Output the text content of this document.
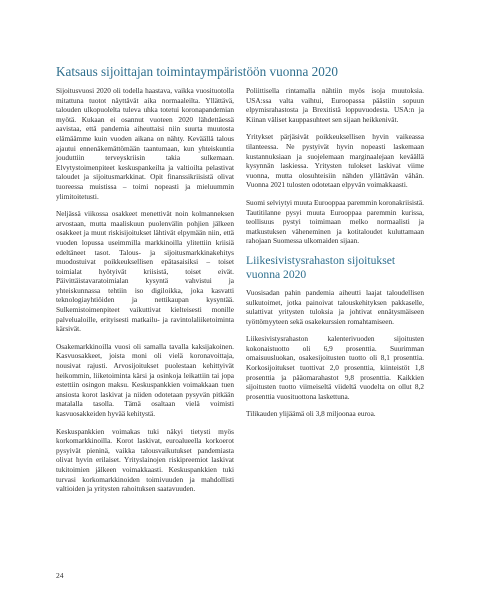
Katsaus sijoittajan toimintaympäristöön vuonna 2020

Sijoitusvuosi 2020 oli todella haastava, vaikka vuosituotolla mitattuna tuotot näyttävät aika normaaleilta. Yllättävä, talouden ulkopuolelta tuleva uhka totetui koronapandemian myötä. Kukaan ei osannut vuoteen 2020 lähdettäessä aavistaa, että pandemia aiheuttaisi niin suurta muutosta elämäämme kuin vuoden aikana on nähty. Keväällä talous ajautui ennenäkemättömään taantumaan, kun yhteiskuntia jouduttiin terveyskriisin takia sulkemaan. Elvytystoimenpiteet keskuspankeilta ja valtioilta pelastivat taloudet ja sijoitusmarkkinat. Opit finanssikriisistä olivat tuoreessa muistissa – toimi nopeasti ja mieluummin ylimitoitetusti.

Neljässä viikossa osakkeet menettivät noin kolmanneksen arvostaan, mutta maaliskuun puolenvälin pohjien jälkeen osakkeet ja muut riskisijoitukset lähtivät elpymään niin, että vuoden lopussa useimmilla markkinoilla ylitettiin kriisiä edeltäneet tasot. Talous- ja sijoitusmarkkinakehitys muodostuivat poikkeuksellisen epätasaisiksi – toiset toimialat hyötyivät kriisistä, toiset eivät. Päivittäistavaratoimialan kysyntä vahvistui ja yhteiskunnassa tehtiin iso digiloikka, joka kasvatti teknologiayhtiöiden ja nettikaupan kysyntää. Sulkemistoimenpiteet vaikuttivat kielteisesti monille palvelualoille, erityisesti matkailu- ja ravintolaliiketoiminta kärsivät.

Osakemarkkinoilla vuosi oli samalla tavalla kaksijakoinen. Kasvuosakkeet, joista moni oli vielä koronavoittaja, nousivat rajusti. Arvosijoitukset puolestaan kehittyivät heikommin, liiketoiminta kärsi ja osinkoja leikattiin tai jopa estettiin osingon maksu. Keskuspankkien voimakkaan tuen ansiosta korot laskivat ja niiden odotetaan pysyvän pitkään matalalla tasolla. Tämä osaltaan vielä voimisti kasvuosakkeiden hyvää kehitystä.

Keskuspankkien voimakas tuki näkyi tietysti myös korkomarkkinoilla. Korot laskivat, euroalueella korkoerot pysyivät pieninä, vaikka talousvaikutukset pandemiasta olivat hyvin erilaiset. Yrityslainojen riskipreemiot laskivat tukitoimien jälkeen voimakkaasti. Keskuspankkien tuki turvasi korkomarkkinoiden toimivuuden ja mahdollisti valtioiden ja yritysten rahoituksen saatavuuden.

Poliittisella rintamalla nähtiin myös isoja muutoksia. USA:ssa valta vaihtui, Euroopassa päästiin sopuun elpymisrahastosta ja Brexitistä loppuvuodesta. USA:n ja Kiinan väliset kauppasuhteet sen sijaan heikkenivät.

Yritykset pärjäsivät poikkeuksellisen hyvin vaikeassa tilanteessa. Ne pystyivät hyvin nopeasti laskemaan kustannuksiaan ja suojelemaan marginaalejaan keväällä kysynnän laskiessa. Yritysten tulokset laskivat viime vuonna, mutta olosuhteisiin nähden yllättävän vähän. Vuonna 2021 tulosten odotetaan elpyvän voimakkaasti.

Suomi selviytyi muuta Eurooppaa paremmin koronakriisistä. Tautitilanne pysyi muuta Eurooppaa paremmin kurissa, teollisuus pystyi toimimaan melko normaalisti ja matkustuksen väheneminen ja kotitaloudet kuluttamaan rahojaan Suomessa ulkomaiden sijaan.

Liikesivistysrahaston sijoitukset vuonna 2020

Vuosisadan pahin pandemia aiheutti laajat taloudellisen sulkutoimet, jotka painoivat talouskehityksen pakkaselle, sulattivat yritysten tuloksia ja johtivat ennätysmäiseen työttömyyteen sekä osakekurssien romahtamiseen.

Liikesivistysrahaston kalenterivuoden sijoitusten kokonaistuotto oli 6,9 prosenttia. Suurimman omaisuusluokan, osakesijoitusten tuotto oli 8,1 prosenttia. Korkosijoitukset tuottivat 2,0 prosenttia, kiinteistöt 1,8 prosenttia ja pääomarahastot 9,8 prosenttia. Kaikkien sijoitusten tuotto viimeiseltä viideltä vuodelta on ollut 8,2 prosenttia vuosituottona laskettuna.

Tilikauden ylijäämä oli 3,8 miljoonaa euroa.

24
